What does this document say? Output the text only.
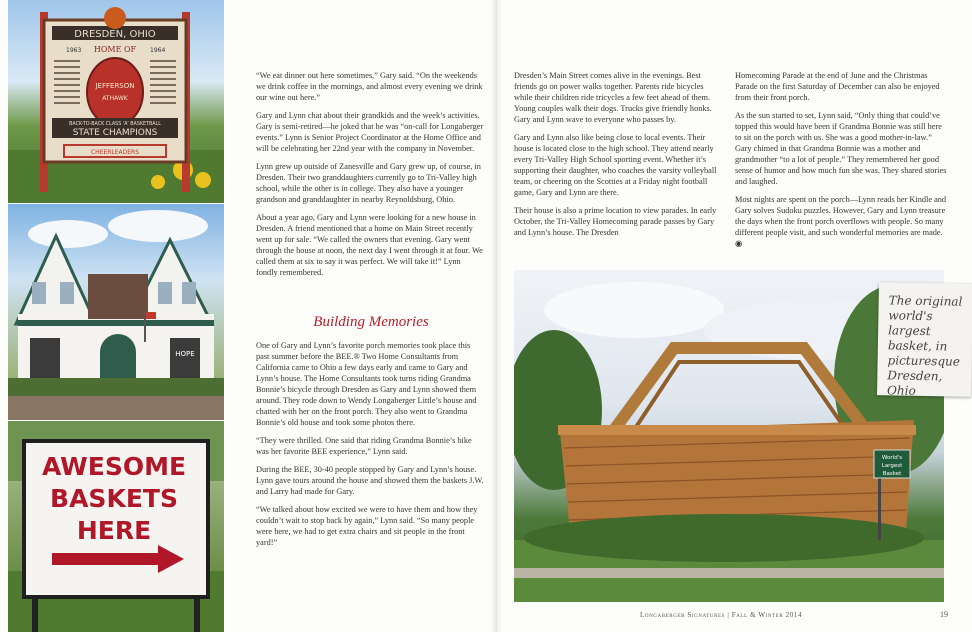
DRESDEN, OHIO
HOME OF
1963	1964
JEFFERSON
ATHAWK
BACK-TO-BACK CLASS 'A' BASKETBALL
STATE CHAMPIONS
CHEERLEADERS
HOPE
AWESOME
BASKETS
HERE

“We eat dinner out here sometimes,” Gary said. “On the weekends we drink coffee in the mornings, and almost every evening we drink our wine out here.”

Gary and Lynn chat about their grandkids and the week’s activities. Gary is semi-retired—he joked that he was “on-call for Longaberger events.” Lynn is Senior Project Coordinator at the Home Office and will be celebrating her 22nd year with the company in November.

Lynn grew up outside of Zanesville and Gary grew up, of course, in Dresden. Their two granddaughters currently go to Tri-Valley high school, while the other is in college. They also have a younger grandson and granddaughter in nearby Reynoldsburg, Ohio.

About a year ago, Gary and Lynn were looking for a new house in Dresden. A friend mentioned that a home on Main Street recently went up for sale. “We called the owners that evening. Gary went through the house at noon, the next day I went through it at four. We called them at six to say it was perfect. We will take it!” Lynn fondly remembered.

Building Memories

One of Gary and Lynn’s favorite porch memories took place this past summer before the BEE.® Two Home Consultants from California came to Ohio a few days early and came to Gary and Lynn’s house. The Home Consultants took turns riding Grandma Bonnie’s bicycle through Dresden as Gary and Lynn showed them around. They rode down to Wendy Longaberger Little’s house and chatted with her on the front porch. They also went to Grandma Bonnie’s old house and took some photos there.

“They were thrilled. One said that riding Grandma Bonnie’s bike was her favorite BEE experience,” Lynn said.

During the BEE, 30-40 people stopped by Gary and Lynn’s house. Lynn gave tours around the house and showed them the baskets J.W. and Larry had made for Gary.

“We talked about how excited we were to have them and how they couldn’t wait to stop back by again,” Lynn said. “So many people were here, we had to get extra chairs and sit people in the front yard!”

Dresden’s Main Street comes alive in the evenings. Best friends go on power walks together. Parents ride bicycles while their children ride tricycles a few feet ahead of them. Young couples walk their dogs. Trucks give friendly honks. Gary and Lynn wave to everyone who passes by.

Gary and Lynn also like being close to local events. Their house is located close to the high school. They attend nearly every Tri-Valley High School sporting event. Whether it’s supporting their daughter, who coaches the varsity volleyball team, or cheering on the Scotties at a Friday night football game, Gary and Lynn are there.

Their house is also a prime location to view parades. In early October, the Tri-Valley Homecoming parade passes by Gary and Lynn’s house. The Dresden

Homecoming Parade at the end of June and the Christmas Parade on the first Saturday of December can also be enjoyed from their front porch.

As the sun started to set, Lynn said, “Only thing that could’ve topped this would have been if Grandma Bonnie was still here to sit on the porch with us. She was a good mother-in-law.” Gary chimed in that Grandma Bonnie was a mother and grandmother “to a lot of people.” They remembered her good sense of humor and how much fun she was. They shared stories and laughed.

Most nights are spent on the porch—Lynn reads her Kindle and Gary solves Sudoku puzzles. However, Gary and Lynn treasure the days when the front porch overflows with people. So many different people visit, and such wonderful memories are made. ◉

World's
Largest
Basket
The original
world's largest
basket, in
picturesque
Dresden, Ohio
Longaberger Signatures | Fall & Winter 2014	19
